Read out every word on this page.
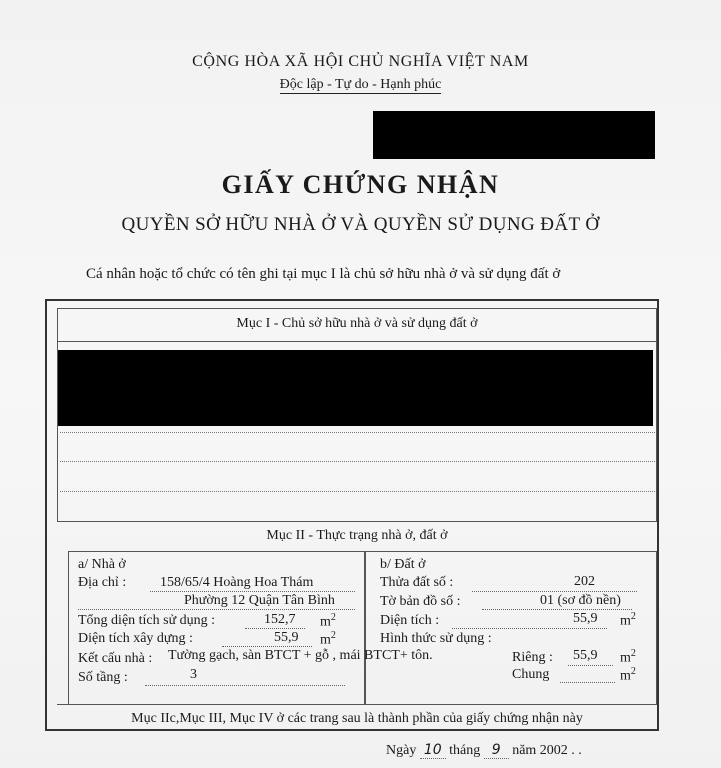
CỘNG HÒA XÃ HỘI CHỦ NGHĨA VIỆT NAM
Độc lập - Tự do - Hạnh phúc
GIẤY CHỨNG NHẬN
QUYỀN SỞ HỮU NHÀ Ở VÀ QUYỀN SỬ DỤNG ĐẤT Ở
Cá nhân hoặc tổ chức có tên ghi tại mục I là chủ sở hữu nhà ở và sử dụng đất ở
Mục I - Chủ sở hữu nhà ở và sử dụng đất ở
Mục II - Thực trạng nhà ở, đất ở
a/ Nhà ở
Địa chỉ : 158/65/4 Hoàng Hoa Thám
Phường 12 Quận Tân Bình
Tổng diện tích sử dụng :	152,7 $m^2$
Diện tích xây dựng :	55,9 $m^2$
Kết cấu nhà : Tường gạch, sàn BTCT + gỗ , mái BTCT+ tôn.
Số tầng :	3
b/ Đất ở
Thửa đất số :	202
Tờ bản đồ số :	01 (sơ đồ nền)
Diện tích :	55,9 $m^2$
Hình thức sử dụng :
Riêng : 55,9 $m^2$
Chung	$m^2$
Mục IIc,Mục III, Mục IV ở các trang sau là thành phần của giấy chứng nhận này
Ngày 10 tháng 9 năm 2002 . .
